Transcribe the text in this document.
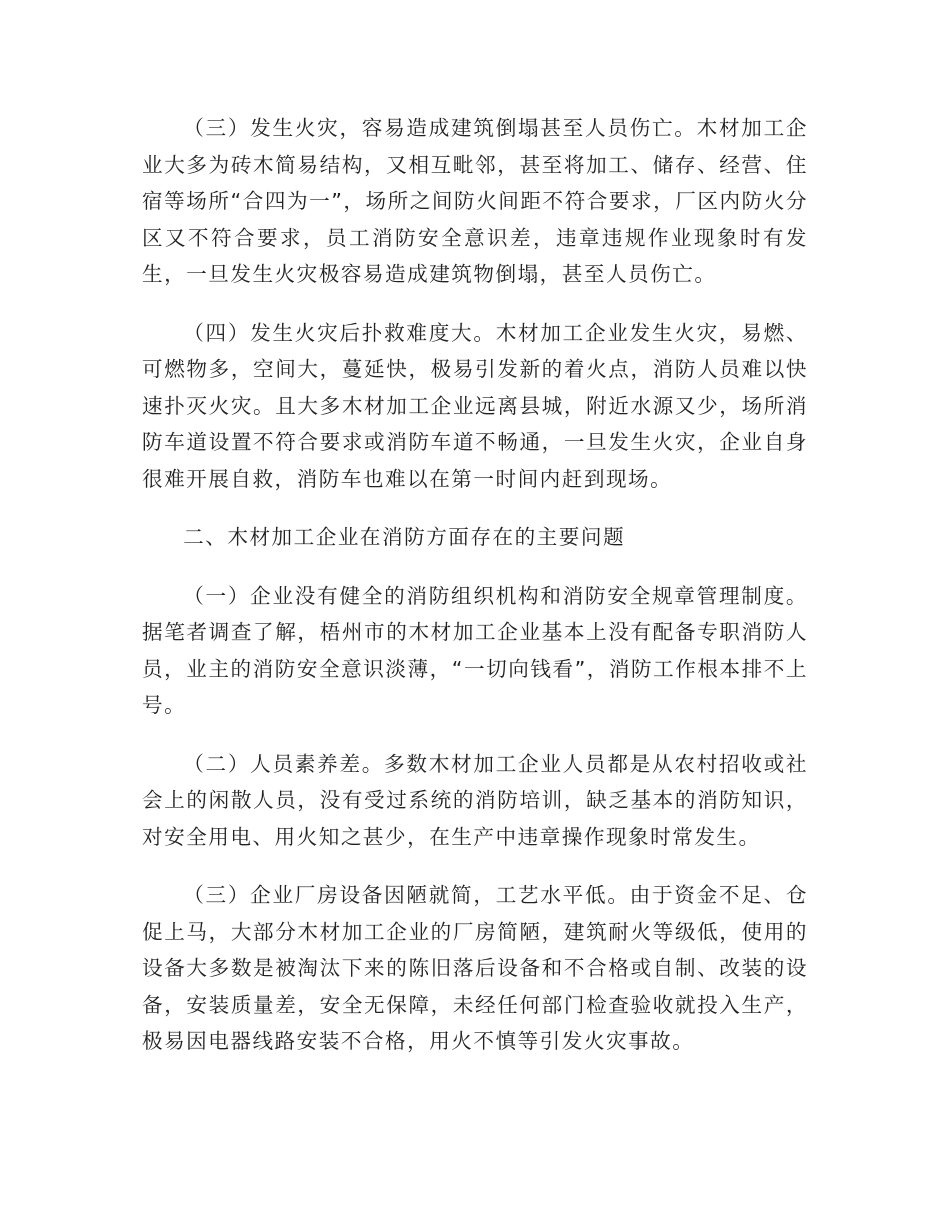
（三）发生火灾，容易造成建筑倒塌甚至人员伤亡。木材加工企业大多为砖木简易结构，又相互毗邻，甚至将加工、储存、经营、住宿等场所“合四为一”，场所之间防火间距不符合要求，厂区内防火分区又不符合要求，员工消防安全意识差，违章违规作业现象时有发生，一旦发生火灾极容易造成建筑物倒塌，甚至人员伤亡。

（四）发生火灾后扑救难度大。木材加工企业发生火灾，易燃、可燃物多，空间大，蔓延快，极易引发新的着火点，消防人员难以快速扑灭火灾。且大多木材加工企业远离县城，附近水源又少，场所消防车道设置不符合要求或消防车道不畅通，一旦发生火灾，企业自身很难开展自救，消防车也难以在第一时间内赶到现场。

二、木材加工企业在消防方面存在的主要问题

（一）企业没有健全的消防组织机构和消防安全规章管理制度。据笔者调查了解，梧州市的木材加工企业基本上没有配备专职消防人员，业主的消防安全意识淡薄，“一切向钱看”，消防工作根本排不上号。

（二）人员素养差。多数木材加工企业人员都是从农村招收或社会上的闲散人员，没有受过系统的消防培训，缺乏基本的消防知识，对安全用电、用火知之甚少，在生产中违章操作现象时常发生。

（三）企业厂房设备因陋就简，工艺水平低。由于资金不足、仓促上马，大部分木材加工企业的厂房简陋，建筑耐火等级低，使用的设备大多数是被淘汰下来的陈旧落后设备和不合格或自制、改装的设备，安装质量差，安全无保障，未经任何部门检查验收就投入生产，极易因电器线路安装不合格，用火不慎等引发火灾事故。
